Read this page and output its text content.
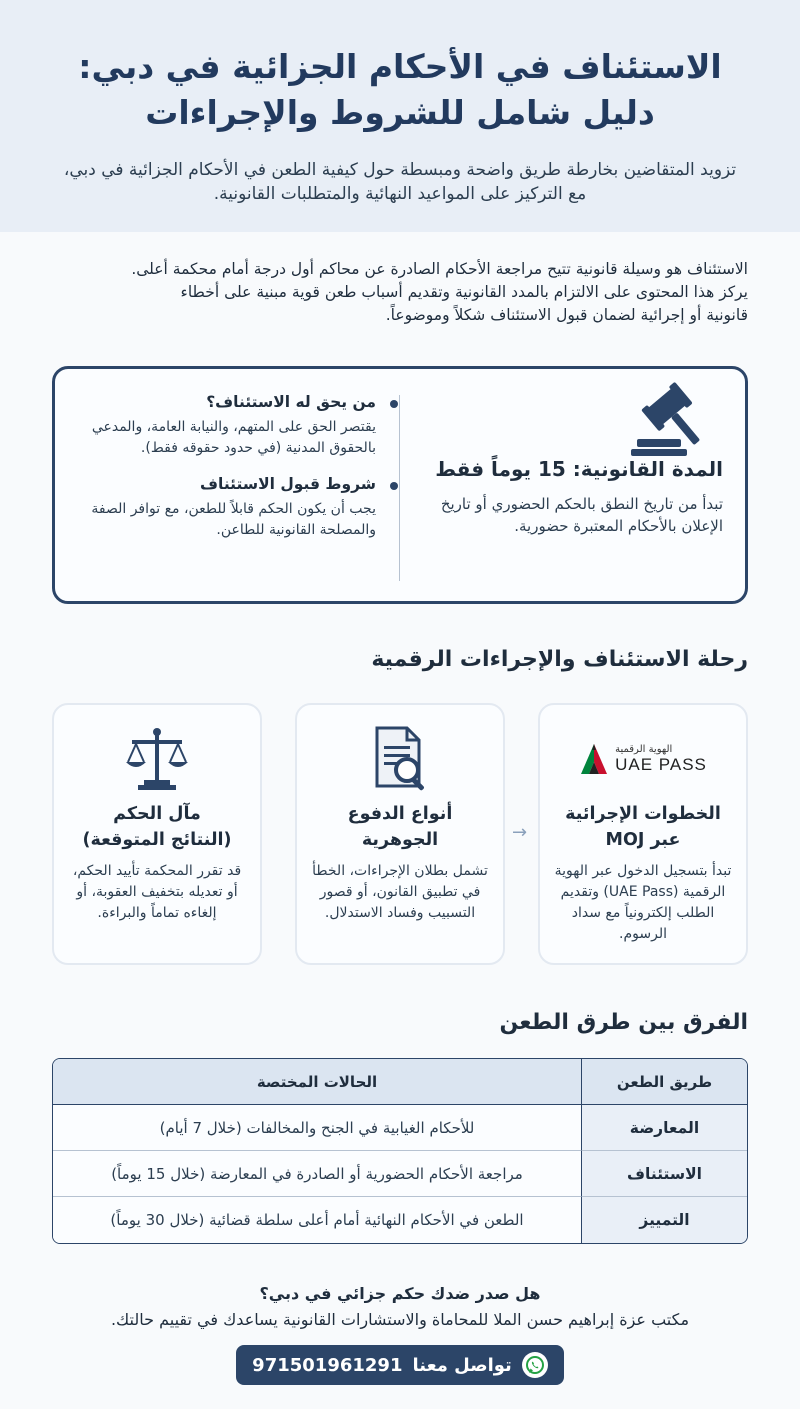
الاستئناف في الأحكام الجزائية في دبي:
دليل شامل للشروط والإجراءات
تزويد المتقاضين بخارطة طريق واضحة ومبسطة حول كيفية الطعن في الأحكام الجزائية في دبي،
مع التركيز على المواعيد النهائية والمتطلبات القانونية.
الاستئناف هو وسيلة قانونية تتيح مراجعة الأحكام الصادرة عن محاكم أول درجة أمام محكمة أعلى.
يركز هذا المحتوى على الالتزام بالمدد القانونية وتقديم أسباب طعن قوية مبنية على أخطاء
قانونية أو إجرائية لضمان قبول الاستئناف شكلاً وموضوعاً.
المدة القانونية: 15 يوماً فقط
تبدأ من تاريخ النطق بالحكم الحضوري أو تاريخ الإعلان بالأحكام المعتبرة حضورية.
من يحق له الاستئناف؟
يقتصر الحق على المتهم، والنيابة العامة، والمدعي بالحقوق المدنية (في حدود حقوقه فقط).
شروط قبول الاستئناف
يجب أن يكون الحكم قابلاً للطعن، مع توافر الصفة والمصلحة القانونية للطاعن.
رحلة الاستئناف والإجراءات الرقمية
الهوية الرقمية
UAE PASS
الخطوات الإجرائية
عبر MOJ
تبدأ بتسجيل الدخول عبر الهوية الرقمية (UAE Pass) وتقديم الطلب إلكترونياً مع سداد الرسوم.
→
أنواع الدفوع
الجوهرية
تشمل بطلان الإجراءات، الخطأ في تطبيق القانون، أو قصور التسبيب وفساد الاستدلال.
مآل الحكم
(النتائج المتوقعة)
قد تقرر المحكمة تأييد الحكم، أو تعديله بتخفيف العقوبة، أو إلغاءه تماماً والبراءة.
الفرق بين طرق الطعن
طريق الطعن	الحالات المختصة
المعارضة	للأحكام الغيابية في الجنح والمخالفات (خلال 7 أيام)
الاستئناف	مراجعة الأحكام الحضورية أو الصادرة في المعارضة (خلال 15 يوماً)
التمييز	الطعن في الأحكام النهائية أمام أعلى سلطة قضائية (خلال 30 يوماً)
هل صدر ضدك حكم جزائي في دبي؟
مكتب عزة إبراهيم حسن الملا للمحاماة والاستشارات القانونية يساعدك في تقييم حالتك.
تواصل معنا
971501961291
